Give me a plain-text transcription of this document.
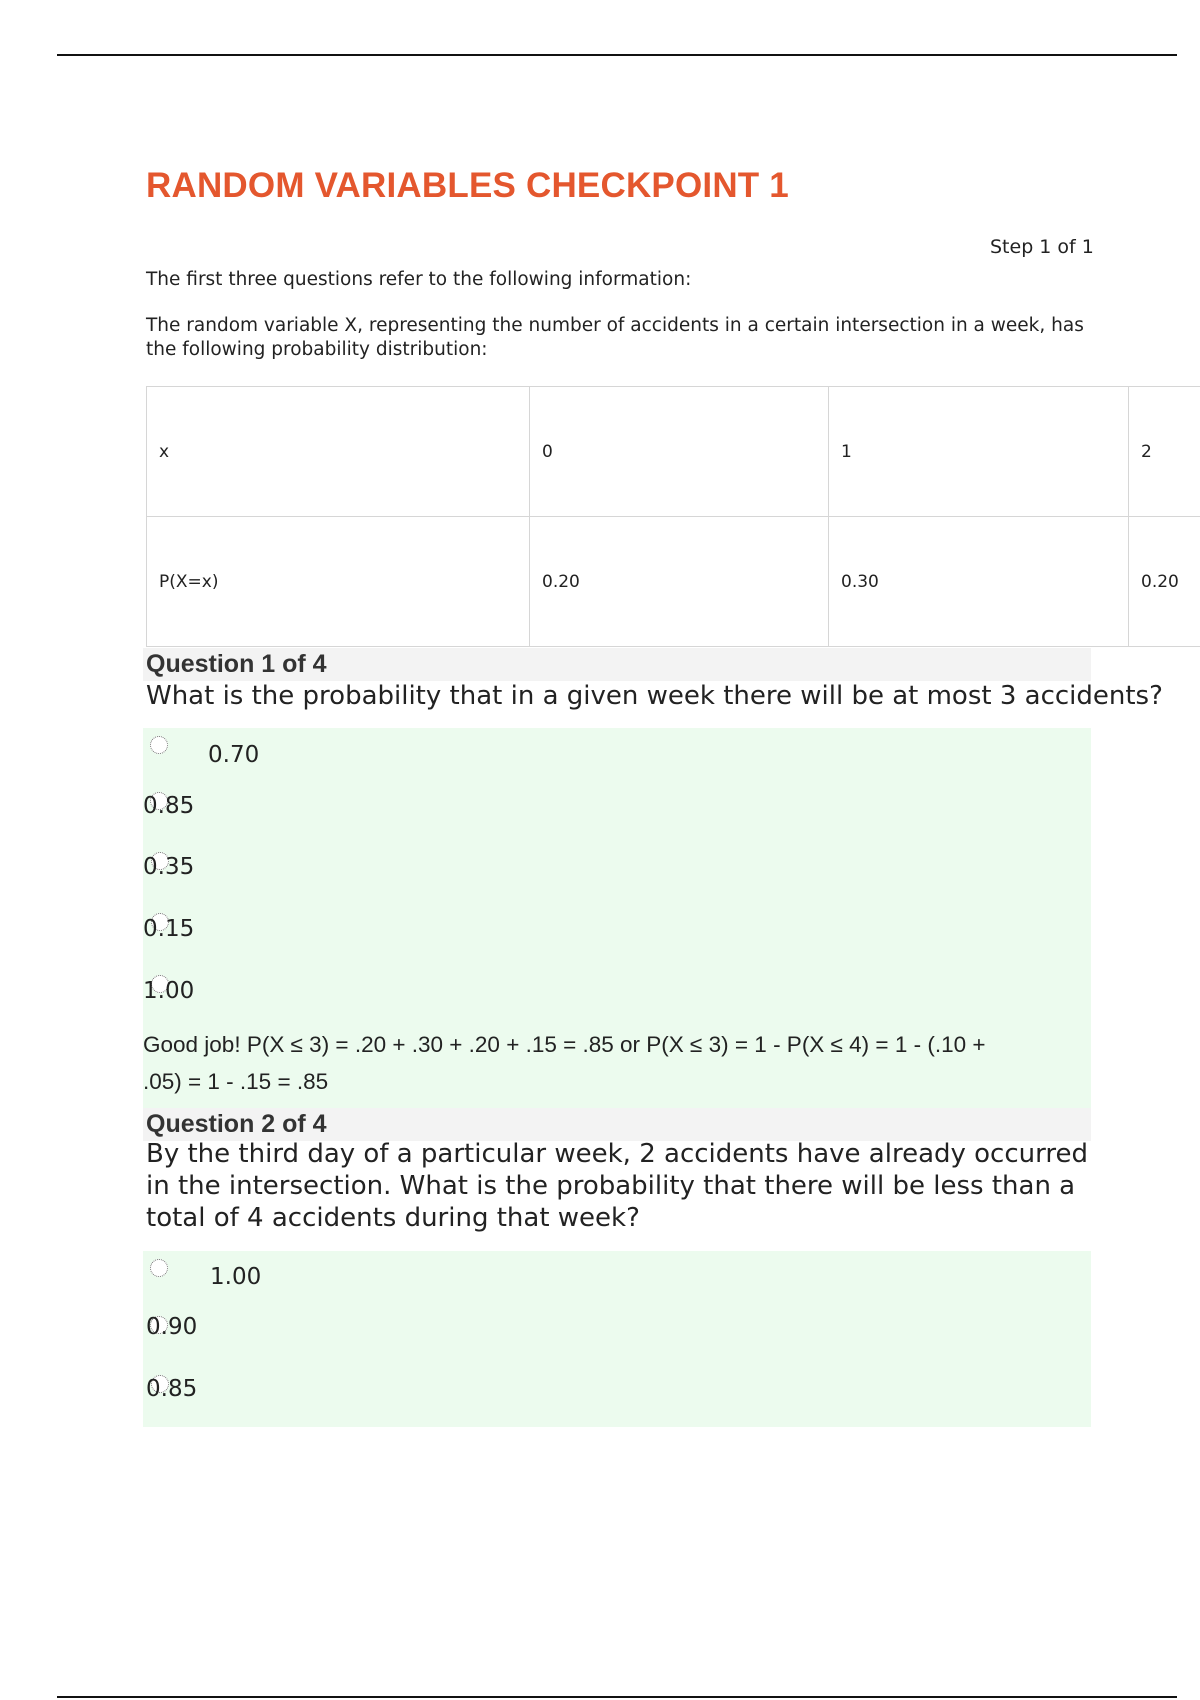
RANDOM VARIABLES CHECKPOINT 1
Step 1 of 1
The first three questions refer to the following information:
The random variable X, representing the number of accidents in a certain intersection in a week, has the following probability distribution:
x	0	1	2
P(X=x)	0.20	0.30	0.20
Question 1 of 4
What is the probability that in a given week there will be at most 3 accidents?
0.70
0.85
0.35
0.15
1.00
Good job! P(X ≤ 3) = .20 + .30 + .20 + .15 = .85 or P(X ≤ 3) = 1 - P(X ≤ 4) = 1 - (.10 + .05) = 1 - .15 = .85
Question 2 of 4
By the third day of a particular week, 2 accidents have already occurred in the intersection. What is the probability that there will be less than a total of 4 accidents during that week?
1.00
0.90
0.85
